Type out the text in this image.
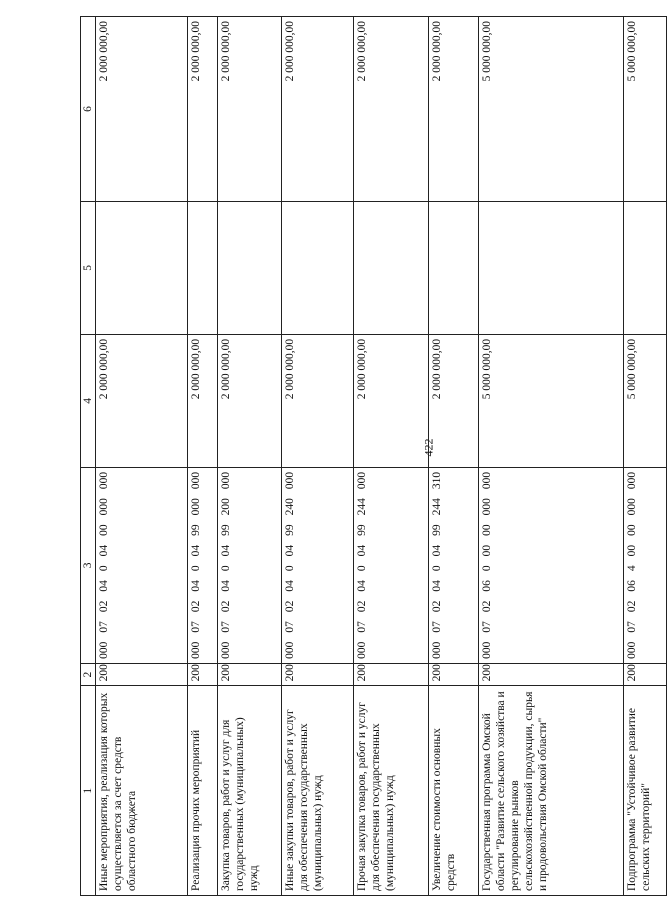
422
1	2	3	4	5	6
Иные мероприятия, реализация которых осуществляется за счет средств областного бюджета	200	00007020400400000000	2 000 000,00		2 000 000,00
Реализация прочих мероприятий	200	00007020400499000000	2 000 000,00		2 000 000,00
Закупка товаров, работ и услуг для государственных (муниципальных) нужд	200	00007020400499200000	2 000 000,00		2 000 000,00
Иные закупки товаров, работ и услуг для обеспечения государственных (муниципальных) нужд	200	00007020400499240000	2 000 000,00		2 000 000,00
Прочая закупка товаров, работ и услуг для обеспечения государственных (муниципальных) нужд	200	00007020400499244000	2 000 000,00		2 000 000,00
Увеличение стоимости основных средств	200	00007020400499244310	2 000 000,00		2 000 000,00
Государственная программа Омской области "Развитие сельского хозяйства и регулирование рынков сельскохозяйственной продукции, сырья и продовольствия Омской области"	200	00007020600000000000	5 000 000,00		5 000 000,00
Подпрограмма "Устойчивое развитие сельских территорий"	200	00007020640000000000	5 000 000,00		5 000 000,00
